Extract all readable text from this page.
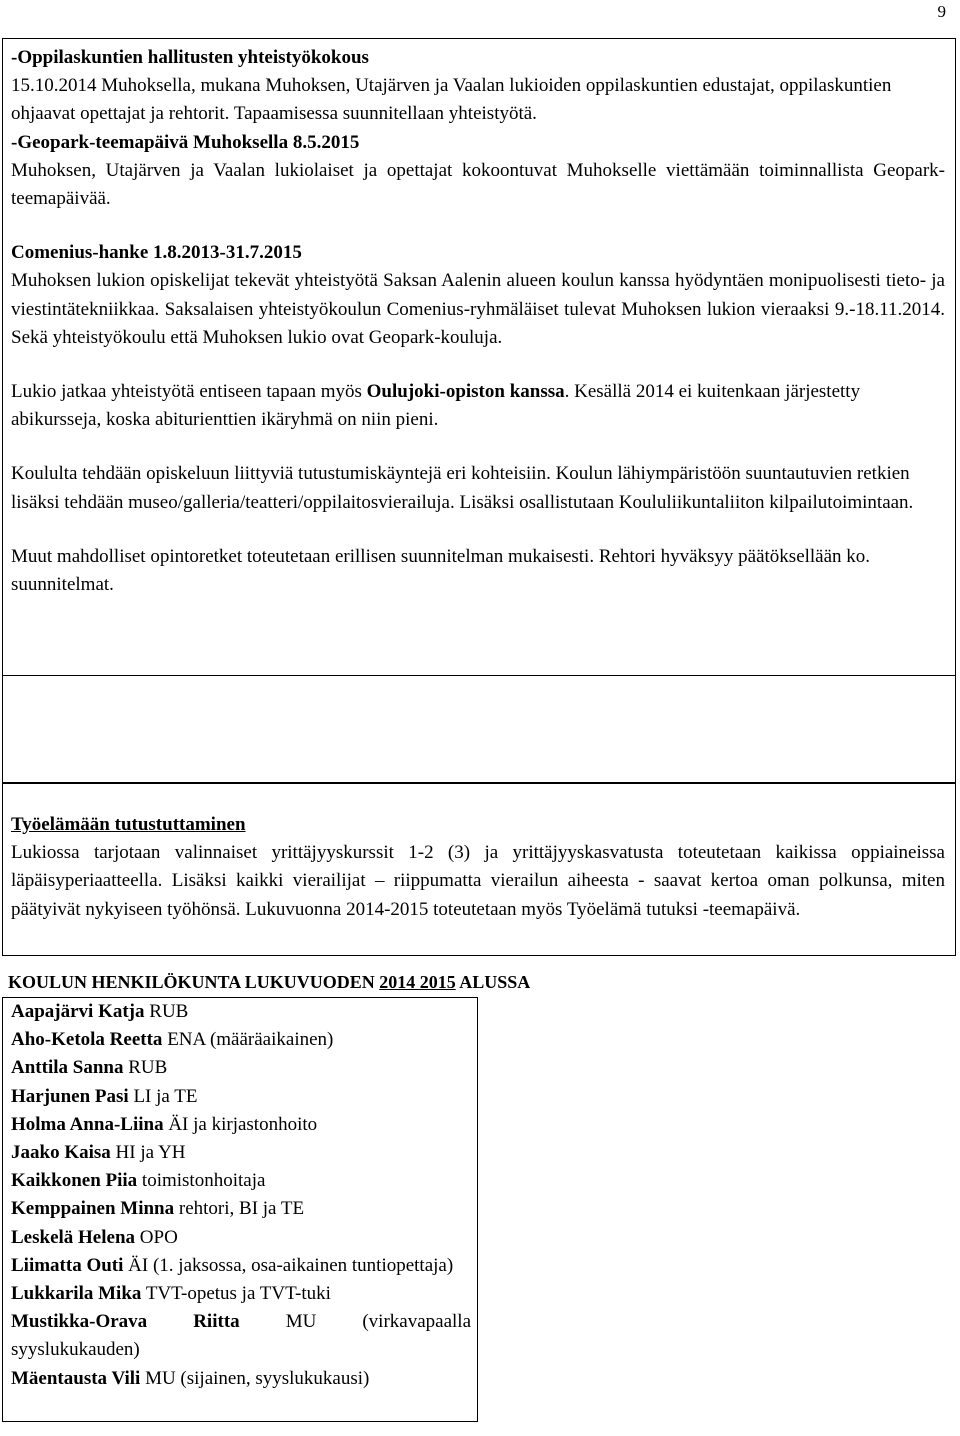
9

-Oppilaskuntien hallitusten yhteistyökokous

15.10.2014 Muhoksella, mukana Muhoksen, Utajärven ja Vaalan lukioiden oppilaskuntien edustajat, oppilaskuntien ohjaavat opettajat ja rehtorit. Tapaamisessa suunnitellaan yhteistyötä.

-Geopark-teemapäivä Muhoksella 8.5.2015

Muhoksen, Utajärven ja Vaalan lukiolaiset ja opettajat kokoontuvat Muhokselle viettämään toiminnallista Geopark-teemapäivää.

Comenius-hanke 1.8.2013-31.7.2015

Muhoksen lukion opiskelijat tekevät yhteistyötä Saksan Aalenin alueen koulun kanssa hyödyntäen monipuolisesti tieto- ja viestintätekniikkaa. Saksalaisen yhteistyökoulun Comenius-ryhmäläiset tulevat Muhoksen lukion vieraaksi 9.-18.11.2014. Sekä yhteistyökoulu että Muhoksen lukio ovat Geopark-kouluja.

Lukio jatkaa yhteistyötä entiseen tapaan myös Oulujoki-opiston kanssa. Kesällä 2014 ei kuitenkaan järjestetty abikursseja, koska abiturienttien ikäryhmä on niin pieni.

Koululta tehdään opiskeluun liittyviä tutustumiskäyntejä eri kohteisiin. Koulun lähiympäristöön suuntautuvien retkien lisäksi tehdään museo/galleria/teatteri/oppilaitosvierailuja. Lisäksi osallistutaan Koululiikuntaliiton kilpailutoimintaan.

Muut mahdolliset opintoretket toteutetaan erillisen suunnitelman mukaisesti. Rehtori hyväksyy päätöksellään ko. suunnitelmat.

Työelämään tutustuttaminen

Lukiossa tarjotaan valinnaiset yrittäjyyskurssit 1-2 (3) ja yrittäjyyskasvatusta toteutetaan kaikissa oppiaineissa läpäisyperiaatteella. Lisäksi kaikki vierailijat – riippumatta vierailun aiheesta - saavat kertoa oman polkunsa, miten päätyivät nykyiseen työhönsä. Lukuvuonna 2014-2015 toteutetaan myös Työelämä tutuksi -teemapäivä.

KOULUN HENKILÖKUNTA LUKUVUODEN 2014 2015 ALUSSA

Aapajärvi Katja RUB

Aho-Ketola Reetta ENA (määräaikainen)

Anttila Sanna RUB

Harjunen Pasi LI ja TE

Holma Anna-Liina ÄI ja kirjastonhoito

Jaako Kaisa HI ja YH

Kaikkonen Piia toimistonhoitaja

Kemppainen Minna rehtori, BI ja TE

Leskelä Helena OPO

Liimatta Outi ÄI (1. jaksossa, osa-aikainen tuntiopettaja)

Lukkarila Mika TVT-opetus ja TVT-tuki

Mustikka-Orava Riitta MU (virkavapaalla syyslukukauden)

Mäentausta Vili MU (sijainen, syyslukukausi)
